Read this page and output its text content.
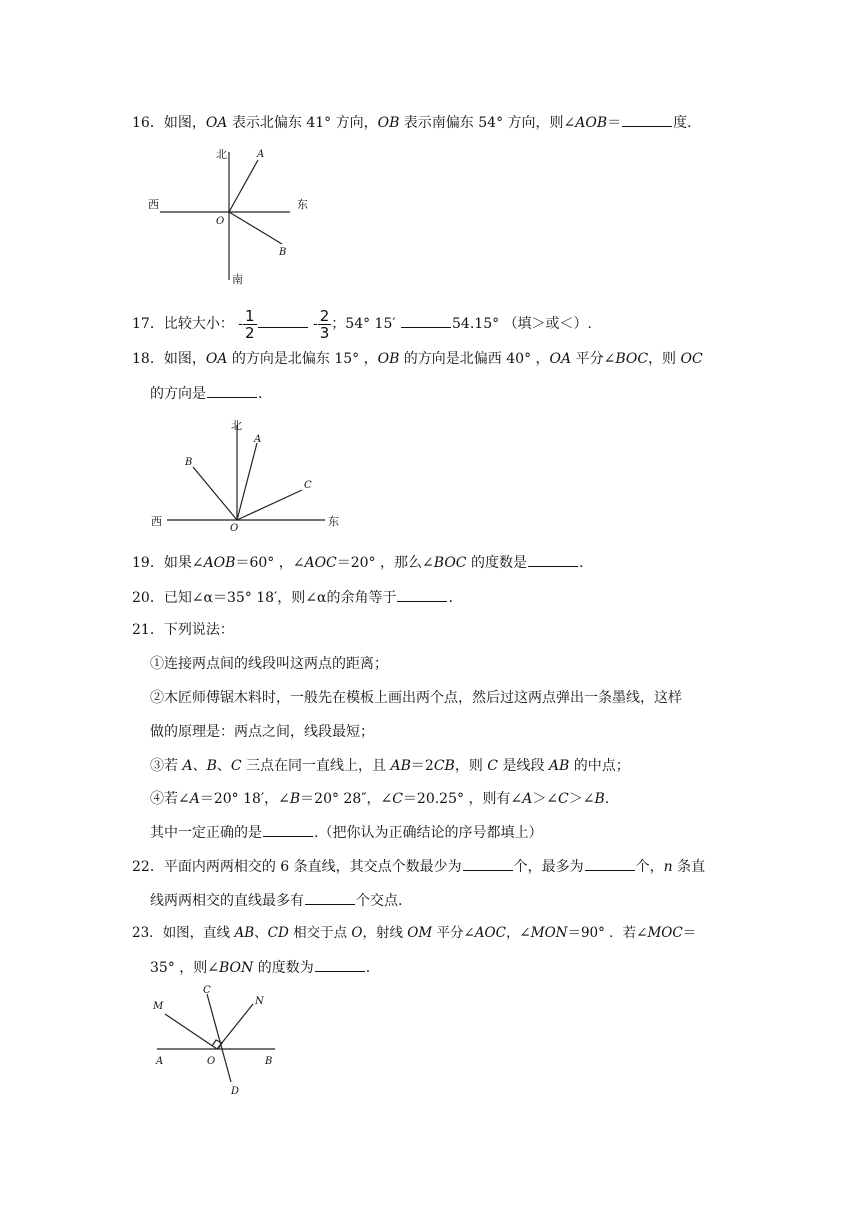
16．如图，OA 表示北偏东 41° 方向，OB 表示南偏东 54° 方向，则∠AOB＝	度.
北
西	东
南
A
B
O
17．比较大小： - $\frac{1}{2}$	- $\frac{2}{3}$ ；54° 15′	54.15° （填＞或＜）.
18．如图，OA 的方向是北偏东 15° ，OB 的方向是北偏西 40° ，OA 平分∠BOC，则 OC
的方向是	.
北
西	东
A
B
C
O
19．如果∠AOB＝60° ，∠AOC＝20° ，那么∠BOC 的度数是	.
20．已知∠α＝35° 18′，则∠α的余角等于	.
21．下列说法：
①连接两点间的线段叫这两点的距离；
②木匠师傅锯木料时，一般先在模板上画出两个点，然后过这两点弹出一条墨线，这样
做的原理是：两点之间，线段最短；
③若 A、B、C 三点在同一直线上，且 AB＝2CB，则 C 是线段 AB 的中点；
④若∠A＝20° 18′，∠B＝20° 28″，∠C＝20.25° ，则有∠A＞∠C＞∠B.
其中一定正确的是	.（把你认为正确结论的序号都填上）
22．平面内两两相交的 6 条直线，其交点个数最少为	个，最多为	个，n 条直
线两两相交的直线最多有	个交点.
23．如图，直线 AB、CD 相交于点 O，射线 OM 平分∠AOC，∠MON＝90° ．若∠MOC＝
35° ，则∠BON 的度数为	.
M
C
N
A	O	B
D
